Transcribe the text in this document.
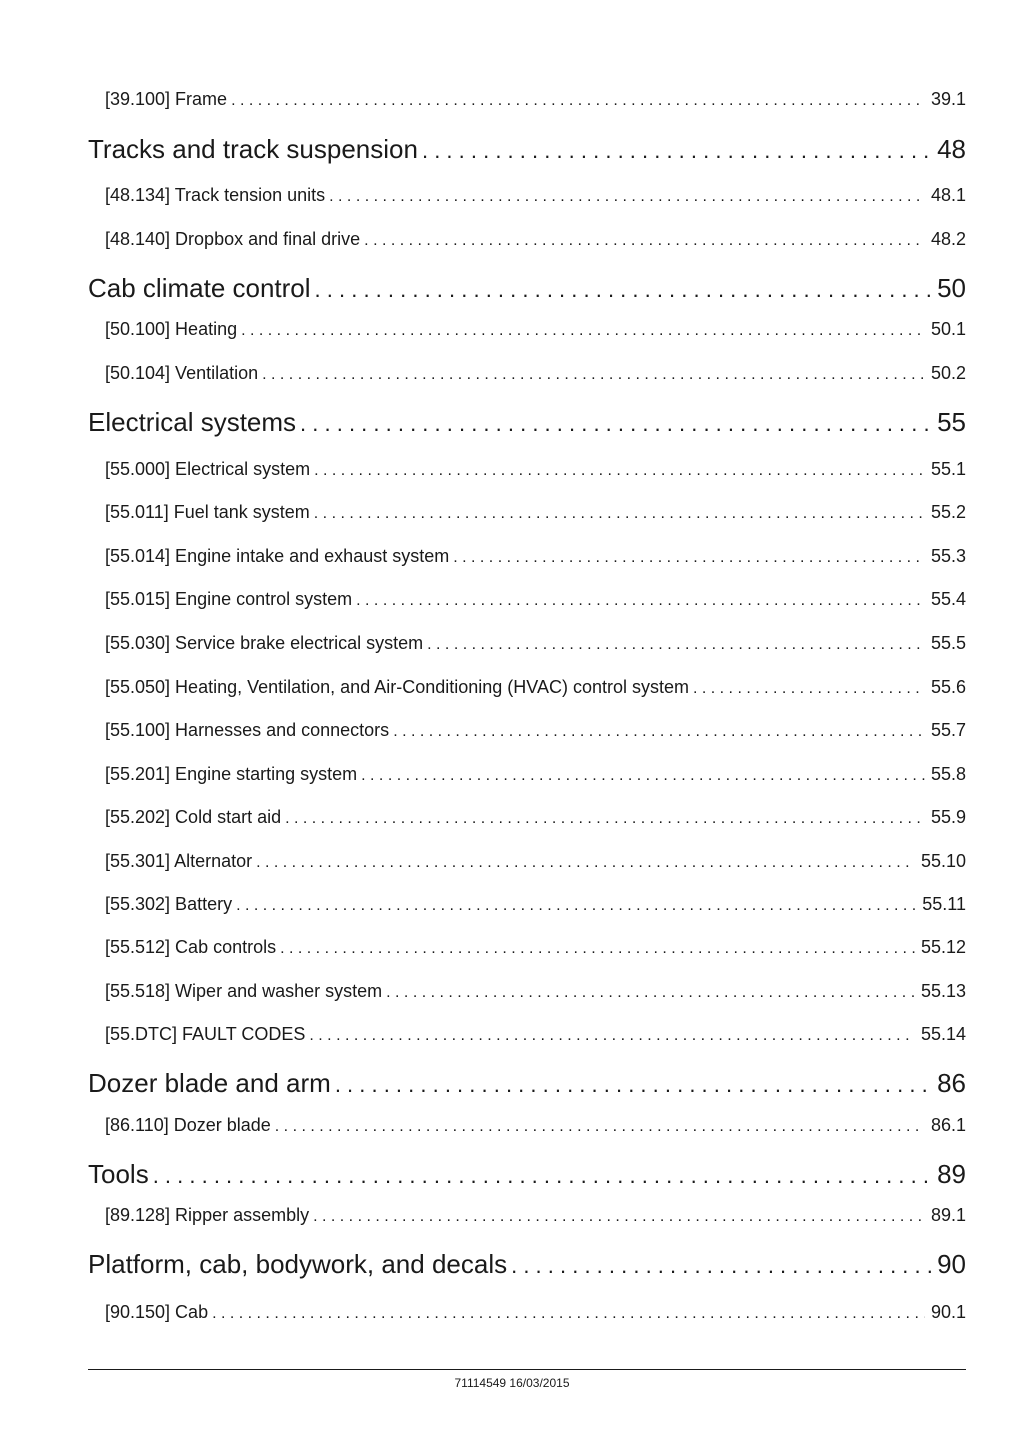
[39.100] Frame . . .	39.1
Tracks and track suspension . . .	48
[48.134] Track tension units . . .	48.1
[48.140] Dropbox and final drive . . .	48.2
Cab climate control . . .	50
[50.100] Heating . . .	50.1
[50.104] Ventilation . . .	50.2
Electrical systems . . .	55
[55.000] Electrical system . . .	55.1
[55.011] Fuel tank system . . .	55.2
[55.014] Engine intake and exhaust system . . .	55.3
[55.015] Engine control system . . .	55.4
[55.030] Service brake electrical system . . .	55.5
[55.050] Heating, Ventilation, and Air-Conditioning (HVAC) control system . . .	55.6
[55.100] Harnesses and connectors . . .	55.7
[55.201] Engine starting system . . .	55.8
[55.202] Cold start aid . . .	55.9
[55.301] Alternator . . .	55.10
[55.302] Battery . . .	55.11
[55.512] Cab controls . . .	55.12
[55.518] Wiper and washer system . . .	55.13
[55.DTC] FAULT CODES . . .	55.14
Dozer blade and arm . . .	86
[86.110] Dozer blade . . .	86.1
Tools . . .	89
[89.128] Ripper assembly . . .	89.1
Platform, cab, bodywork, and decals . . .	90
[90.150] Cab . . .	90.1
71114549 16/03/2015
